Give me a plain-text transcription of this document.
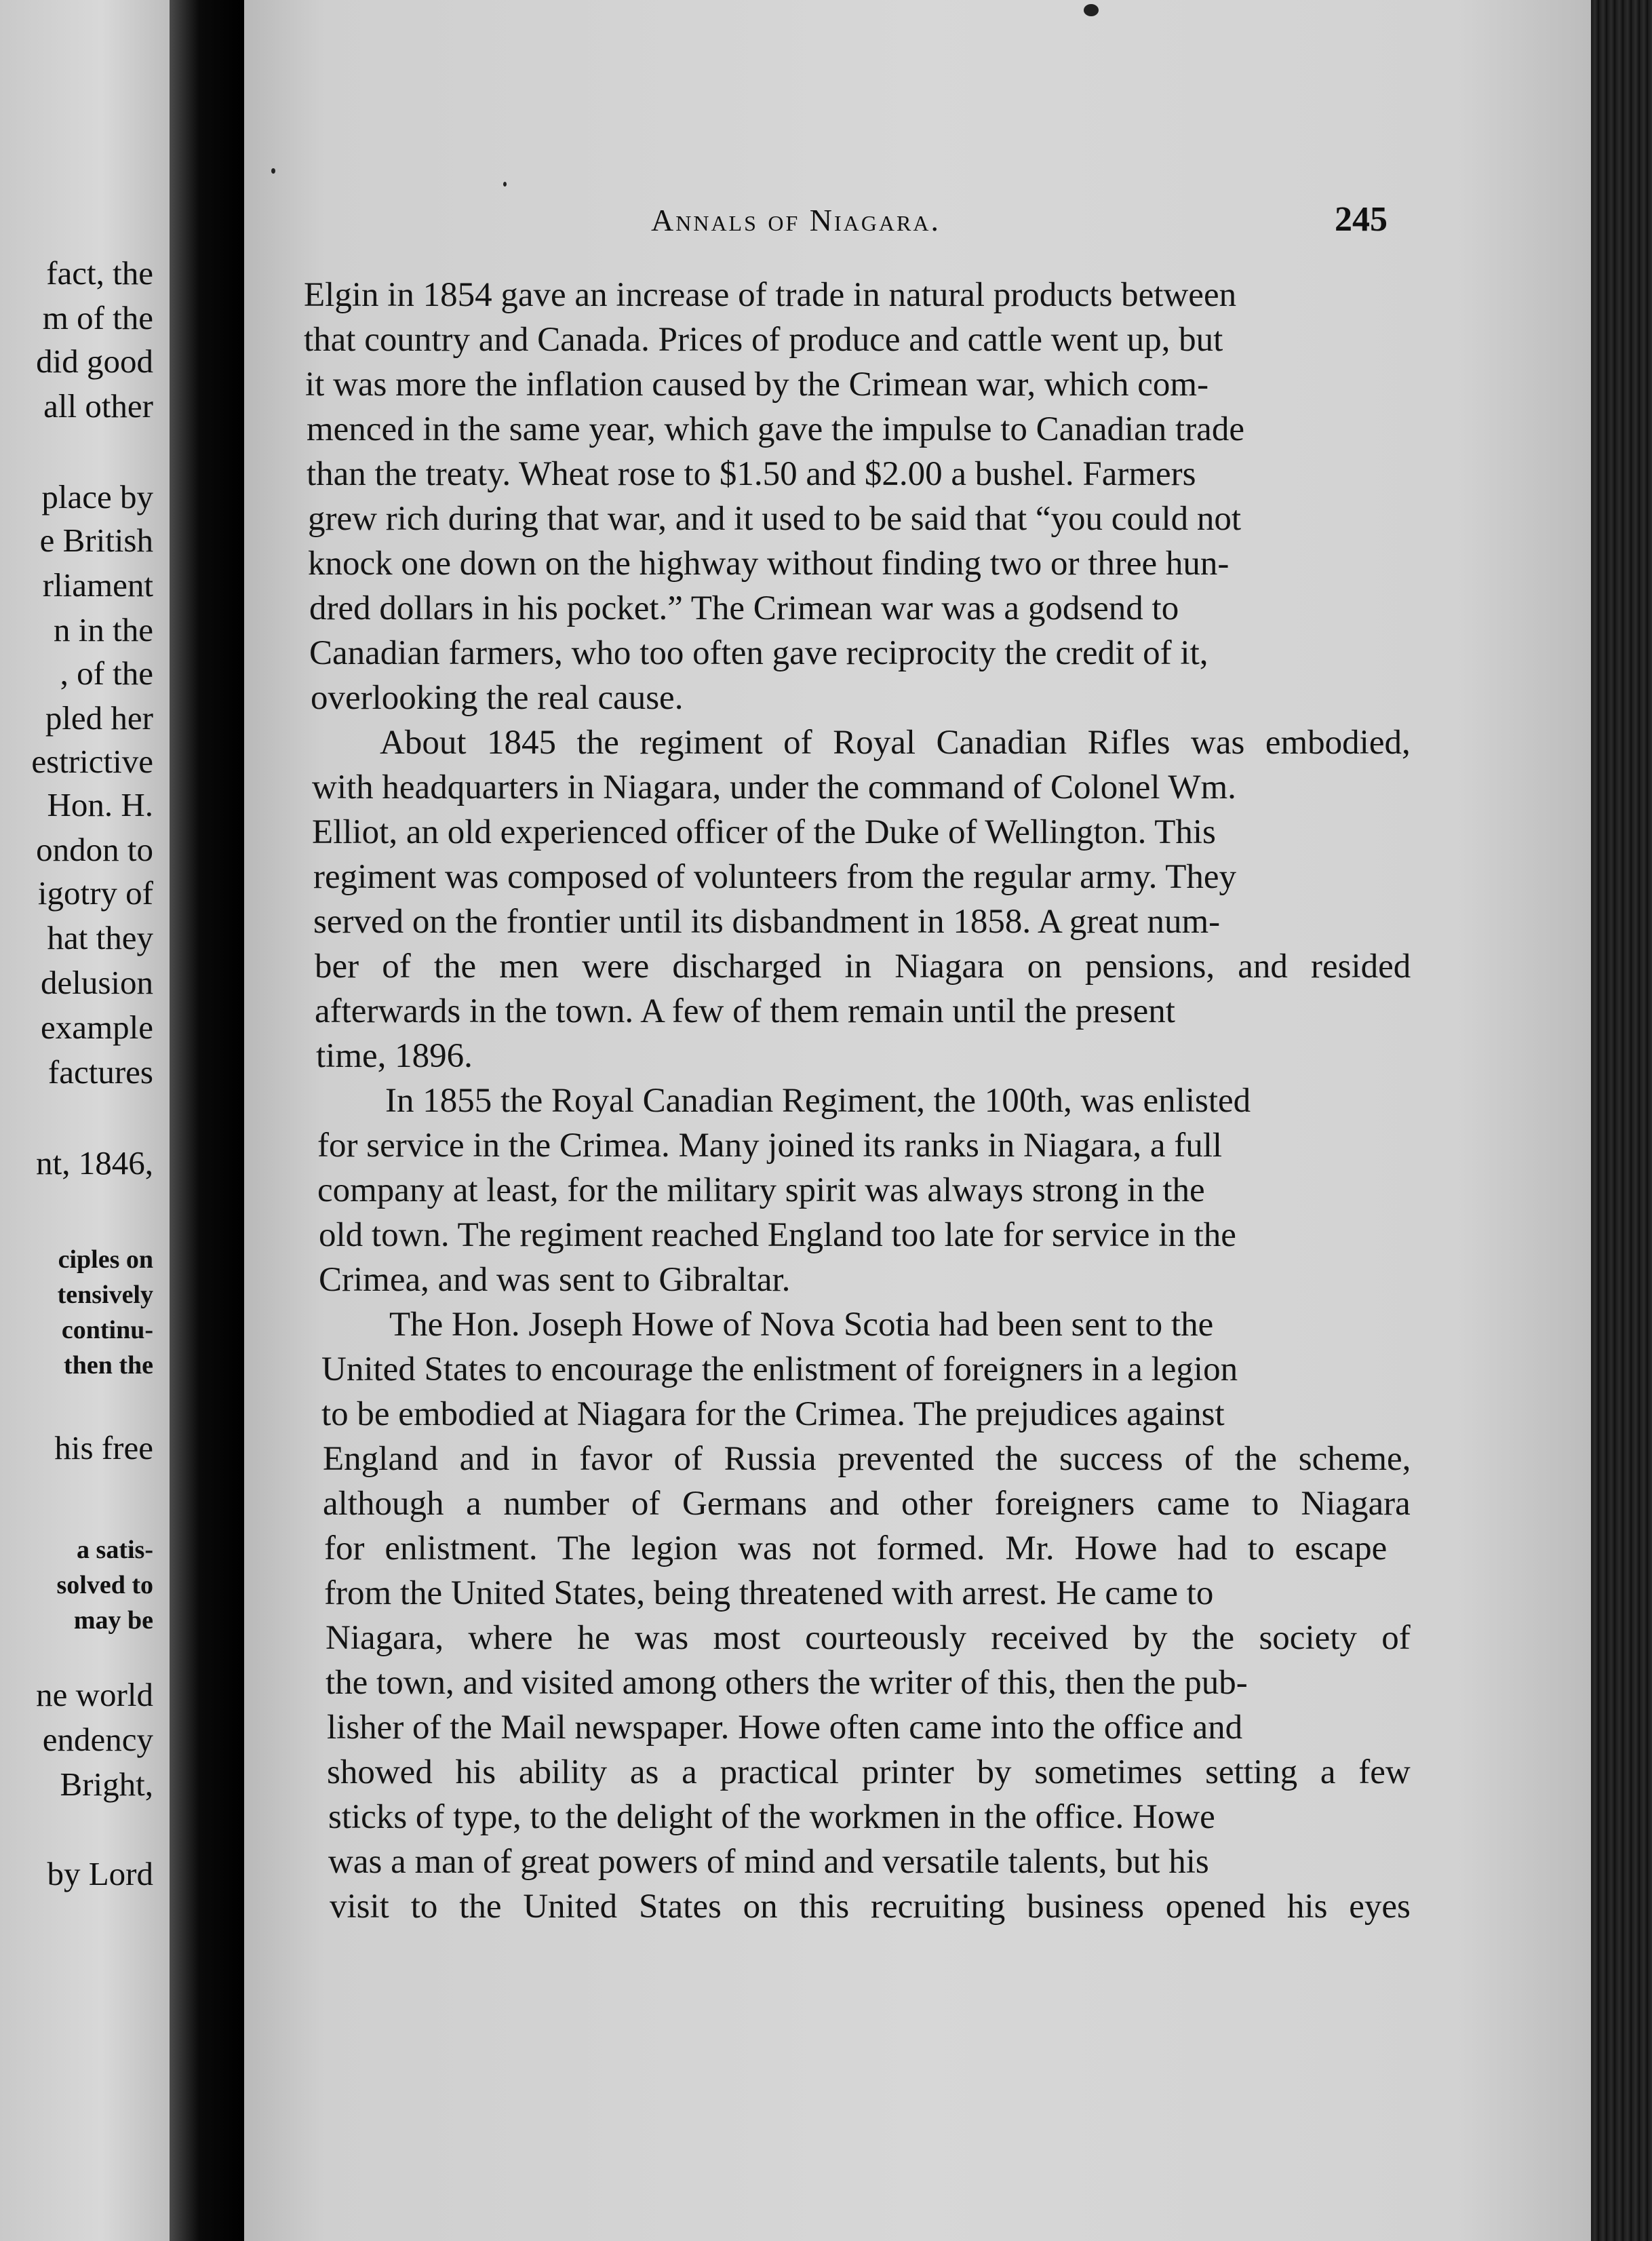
fact, the
m of the
did good
all other
place by
e British
rliament
n in the
, of the
pled her
estrictive
Hon. H.
ondon to
igotry of
hat they
delusion
example
factures
nt, 1846,
ciples on
tensively
continu-
then the
his free
a satis-
solved to
may be
ne world
endency
Bright,
by Lord
Annals of Niagara.	245
Elgin in 1854 gave an increase of trade in natural products between
that country and Canada. Prices of produce and cattle went up, but
it was more the inflation caused by the Crimean war, which com-
menced in the same year, which gave the impulse to Canadian trade
than the treaty. Wheat rose to $1.50 and $2.00 a bushel. Farmers
grew rich during that war, and it used to be said that “you could not
knock one down on the highway without finding two or three hun-
dred dollars in his pocket.” The Crimean war was a godsend to
Canadian farmers, who too often gave reciprocity the credit of it,
overlooking the real cause.
About 1845 the regiment of Royal Canadian Rifles was embodied,
with headquarters in Niagara, under the command of Colonel Wm.
Elliot, an old experienced officer of the Duke of Wellington. This
regiment was composed of volunteers from the regular army. They
served on the frontier until its disbandment in 1858. A great num-
ber of the men were discharged in Niagara on pensions, and resided
afterwards in the town. A few of them remain until the present
time, 1896.
In 1855 the Royal Canadian Regiment, the 100th, was enlisted
for service in the Crimea. Many joined its ranks in Niagara, a full
company at least, for the military spirit was always strong in the
old town. The regiment reached England too late for service in the
Crimea, and was sent to Gibraltar.
The Hon. Joseph Howe of Nova Scotia had been sent to the
United States to encourage the enlistment of foreigners in a legion
to be embodied at Niagara for the Crimea. The prejudices against
England and in favor of Russia prevented the success of the scheme,
although a number of Germans and other foreigners came to Niagara
for enlistment. The legion was not formed. Mr. Howe had to escape
from the United States, being threatened with arrest. He came to
Niagara, where he was most courteously received by the society of
the town, and visited among others the writer of this, then the pub-
lisher of the Mail newspaper. Howe often came into the office and
showed his ability as a practical printer by sometimes setting a few
sticks of type, to the delight of the workmen in the office. Howe
was a man of great powers of mind and versatile talents, but his
visit to the United States on this recruiting business opened his eyes
